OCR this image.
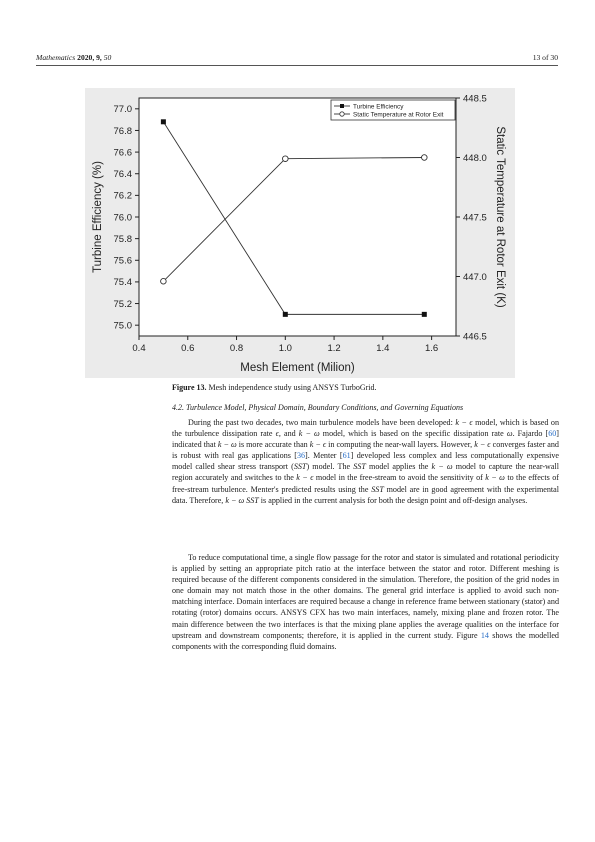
Mathematics 2020, 9, 50	13 of 30
0.4	0.6	0.8	1.0	1.2	1.4	1.6
75.0
75.2
75.4
75.6
75.8
76.0
76.2
76.4
76.6
76.8
77.0
446.5
447.0
447.5
448.0
448.5
Mesh Element (Milion)
Turbine Efficiency (%)	Static Temperature at Rotor Exit (K)
Turbine Efficiency
Static Temperature at Rotor Exit
Figure 13. Mesh independence study using ANSYS TurboGrid.
4.2. Turbulence Model, Physical Domain, Boundary Conditions, and Governing Equations

During the past two decades, two main turbulence models have been developed: k − ϵ model, which is based on the turbulence dissipation rate ϵ, and k − ω model, which is based on the specific dissipation rate ω. Fajardo [60] indicated that k − ω is more accurate than k − ϵ in computing the near-wall layers. However, k − ϵ converges faster and is robust with real gas applications [36]. Menter [61] developed less complex and less computationally expensive model called shear stress transport (SST) model. The SST model applies the k − ω model to capture the near-wall region accurately and switches to the k − ϵ model in the free-stream to avoid the sensitivity of k − ω to the effects of free-stream turbulence. Menter's predicted results using the SST model are in good agreement with the experimental data. Therefore, k − ω SST is applied in the current analysis for both the design point and off-design analyses.

To reduce computational time, a single flow passage for the rotor and stator is simulated and rotational periodicity is applied by setting an appropriate pitch ratio at the interface between the stator and rotor. Different meshing is required because of the different components considered in the simulation. Therefore, the position of the grid nodes in one domain may not match those in the other domains. The general grid interface is applied to avoid such non-matching interface. Domain interfaces are required because a change in reference frame between stationary (stator) and rotating (rotor) domains occurs. ANSYS CFX has two main interfaces, namely, mixing plane and frozen rotor. The main difference between the two interfaces is that the mixing plane applies the average qualities on the interface for upstream and downstream components; therefore, it is applied in the current study. Figure 14 shows the modelled components with the corresponding fluid domains.
